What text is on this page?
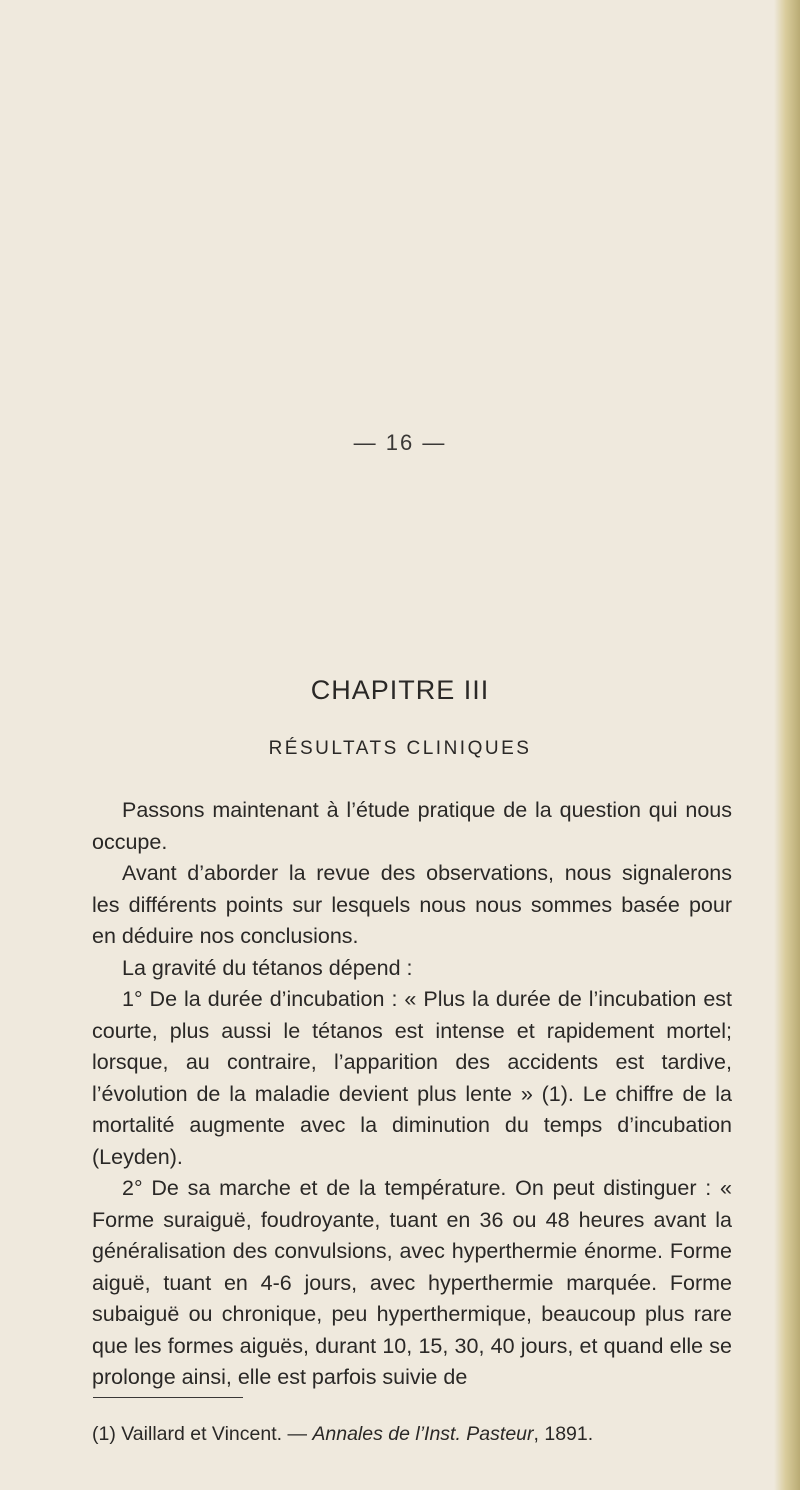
— 16 —
CHAPITRE III
RÉSULTATS CLINIQUES

Passons maintenant à l’étude pratique de la question qui nous occupe.

Avant d’aborder la revue des observations, nous signalerons les différents points sur lesquels nous nous sommes basée pour en déduire nos conclusions.

La gravité du tétanos dépend :

1° De la durée d’incubation : « Plus la durée de l’incubation est courte, plus aussi le tétanos est intense et rapidement mortel; lorsque, au contraire, l’apparition des accidents est tardive, l’évolution de la maladie devient plus lente » (1). Le chiffre de la mortalité augmente avec la diminution du temps d’incubation (Leyden).

2° De sa marche et de la température. On peut distinguer : « Forme suraiguë, foudroyante, tuant en 36 ou 48 heures avant la généralisation des convulsions, avec hyperthermie énorme. Forme aiguë, tuant en 4-6 jours, avec hyperthermie marquée. Forme subaiguë ou chronique, peu hyperthermique, beaucoup plus rare que les formes aiguës, durant 10, 15, 30, 40 jours, et quand elle se prolonge ainsi, elle est parfois suivie de

(1) Vaillard et Vincent. — Annales de l’Inst. Pasteur, 1891.
